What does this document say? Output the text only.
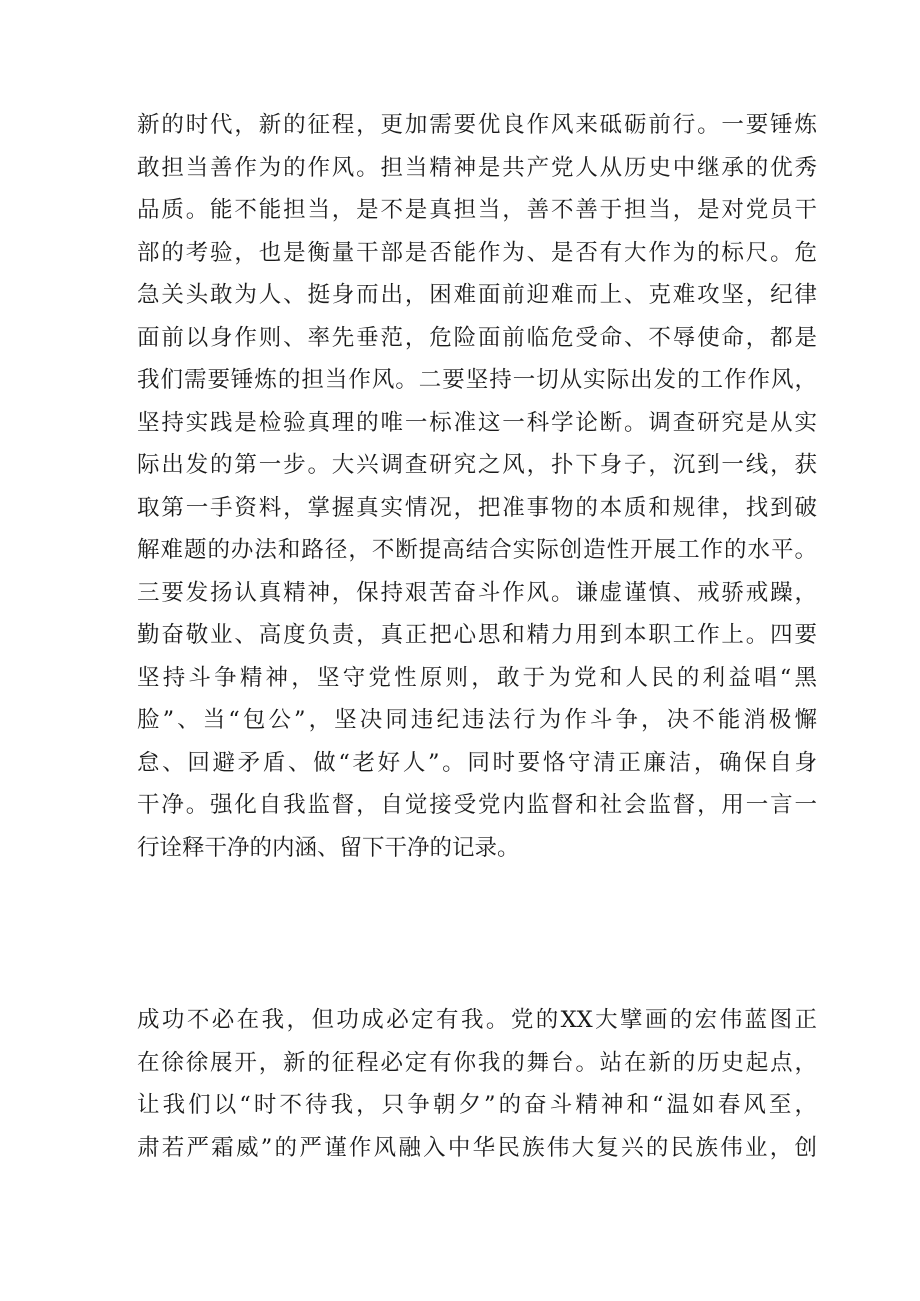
新的时代，新的征程，更加需要优良作风来砥砺前行。一要锤炼
敢担当善作为的作风。担当精神是共产党人从历史中继承的优秀
品质。能不能担当，是不是真担当，善不善于担当，是对党员干
部的考验，也是衡量干部是否能作为、是否有大作为的标尺。危
急关头敢为人、挺身而出，困难面前迎难而上、克难攻坚，纪律
面前以身作则、率先垂范，危险面前临危受命、不辱使命，都是
我们需要锤炼的担当作风。二要坚持一切从实际出发的工作作风，
坚持实践是检验真理的唯一标准这一科学论断。调查研究是从实
际出发的第一步。大兴调查研究之风，扑下身子，沉到一线，获
取第一手资料，掌握真实情况，把准事物的本质和规律，找到破
解难题的办法和路径，不断提高结合实际创造性开展工作的水平。
三要发扬认真精神，保持艰苦奋斗作风。谦虚谨慎、戒骄戒躁，
勤奋敬业、高度负责，真正把心思和精力用到本职工作上。四要
坚持斗争精神，坚守党性原则，敢于为党和人民的利益唱“黑
脸”、当“包公”，坚决同违纪违法行为作斗争，决不能消极懈
怠、回避矛盾、做“老好人”。同时要恪守清正廉洁，确保自身
干净。强化自我监督，自觉接受党内监督和社会监督，用一言一
行诠释干净的内涵、留下干净的记录。
成功不必在我，但功成必定有我。党的XX大擘画的宏伟蓝图正
在徐徐展开，新的征程必定有你我的舞台。站在新的历史起点，
让我们以“时不待我，只争朝夕”的奋斗精神和“温如春风至，
肃若严霜威”的严谨作风融入中华民族伟大复兴的民族伟业，创
